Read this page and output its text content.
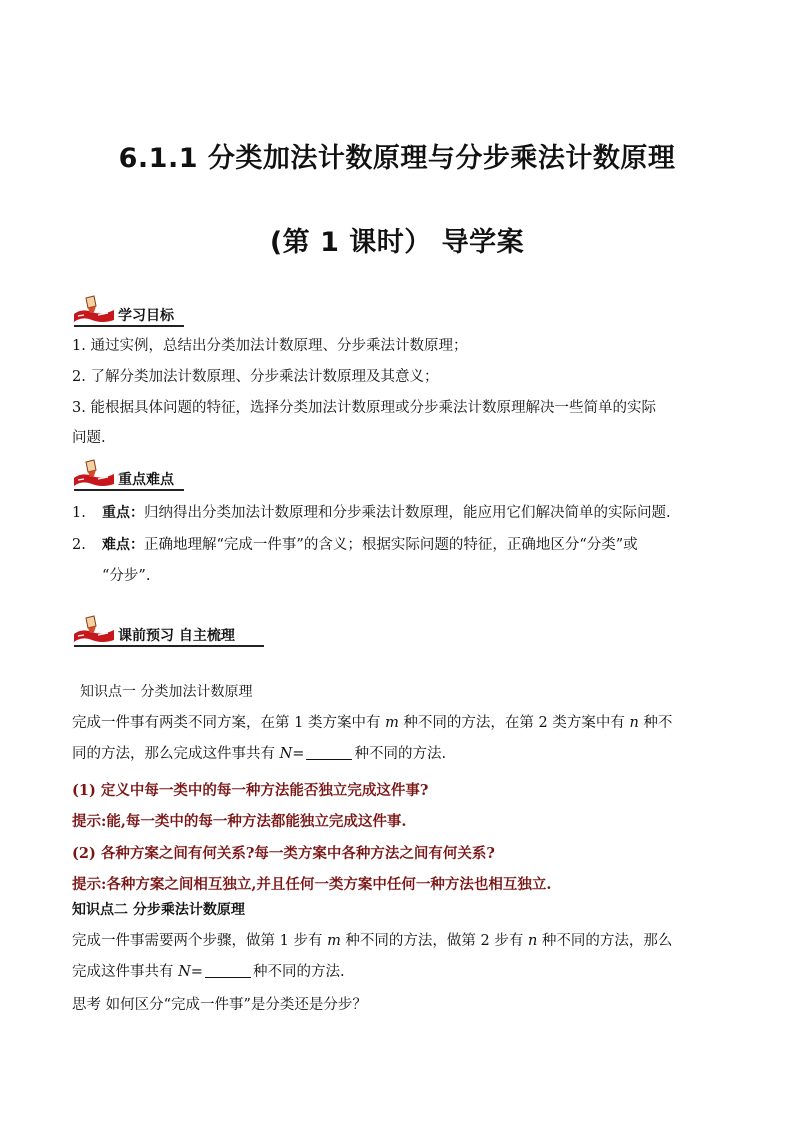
6.1.1 分类加法计数原理与分步乘法计数原理
(第 1 课时） 导学案
学习目标
1. 通过实例，总结出分类加法计数原理、分步乘法计数原理；
2. 了解分类加法计数原理、分步乘法计数原理及其意义；
3. 能根据具体问题的特征，选择分类加法计数原理或分步乘法计数原理解决一些简单的实际
问题.
重点难点
1. 重点：归纳得出分类加法计数原理和分步乘法计数原理，能应用它们解决简单的实际问题.
2. 难点：正确地理解“完成一件事”的含义；根据实际问题的特征，正确地区分“分类”或
“分步”.
课前预习 自主梳理
知识点一 分类加法计数原理
完成一件事有两类不同方案，在第 1 类方案中有 m 种不同的方法，在第 2 类方案中有 n 种不
同的方法，那么完成这件事共有 N=	种不同的方法.
(1) 定义中每一类中的每一种方法能否独立完成这件事?
提示:能,每一类中的每一种方法都能独立完成这件事.
(2) 各种方案之间有何关系?每一类方案中各种方法之间有何关系?
提示:各种方案之间相互独立,并且任何一类方案中任何一种方法也相互独立.
知识点二 分步乘法计数原理
完成一件事需要两个步骤，做第 1 步有 m 种不同的方法，做第 2 步有 n 种不同的方法，那么
完成这件事共有 N=	种不同的方法.
思考 如何区分“完成一件事”是分类还是分步？
